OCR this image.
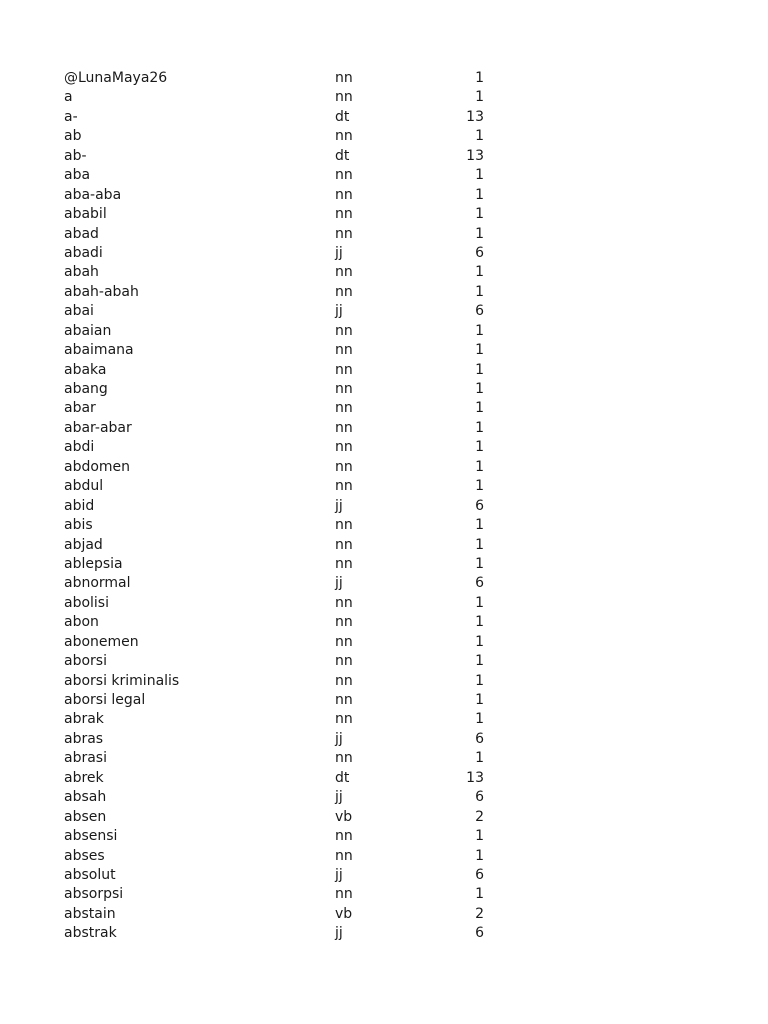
@LunaMaya26	nn	1
a	nn	1
a-	dt	13
ab	nn	1
ab-	dt	13
aba	nn	1
aba-aba	nn	1
ababil	nn	1
abad	nn	1
abadi	jj	6
abah	nn	1
abah-abah	nn	1
abai	jj	6
abaian	nn	1
abaimana	nn	1
abaka	nn	1
abang	nn	1
abar	nn	1
abar-abar	nn	1
abdi	nn	1
abdomen	nn	1
abdul	nn	1
abid	jj	6
abis	nn	1
abjad	nn	1
ablepsia	nn	1
abnormal	jj	6
abolisi	nn	1
abon	nn	1
abonemen	nn	1
aborsi	nn	1
aborsi kriminalis	nn	1
aborsi legal	nn	1
abrak	nn	1
abras	jj	6
abrasi	nn	1
abrek	dt	13
absah	jj	6
absen	vb	2
absensi	nn	1
abses	nn	1
absolut	jj	6
absorpsi	nn	1
abstain	vb	2
abstrak	jj	6
